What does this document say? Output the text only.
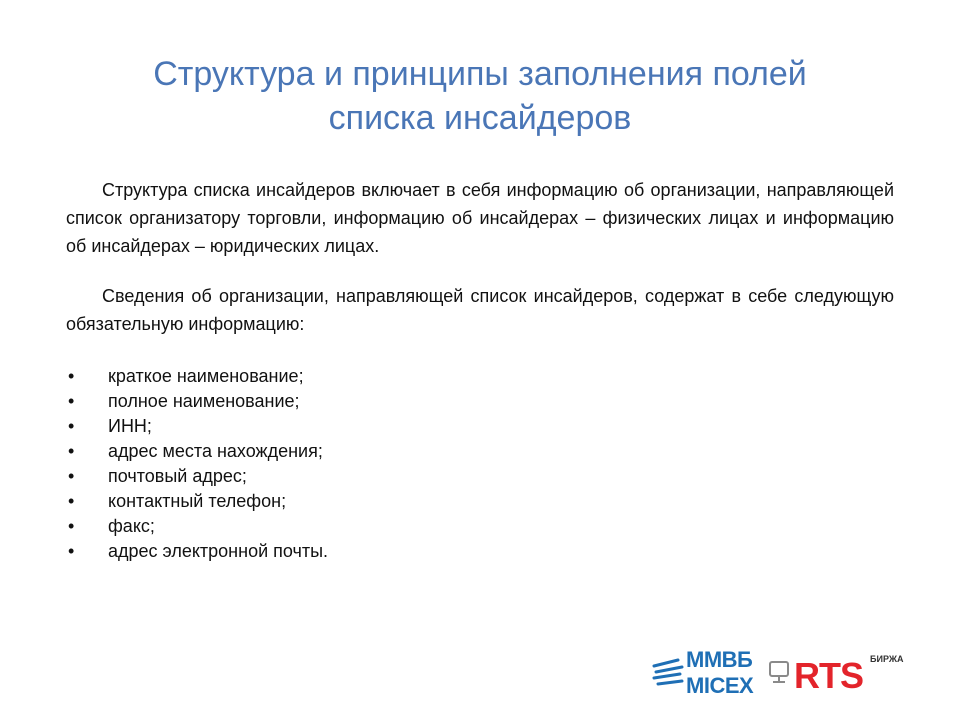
Структура и принципы заполнения полей
списка инсайдеров

Структура списка инсайдеров включает в себя информацию об организации, направляющей список организатору торговли, информацию об инсайдерах – физических лицах и информацию об инсайдерах – юридических лицах.

Сведения об организации, направляющей список инсайдеров, содержат в себе следующую обязательную информацию:

• краткое наименование;
• полное наименование;
• ИНН;
• адрес места нахождения;
• почтовый адрес;
• контактный телефон;
• факс;
• адрес электронной почты.
ММВБ
MICEX RTS БИРЖА
